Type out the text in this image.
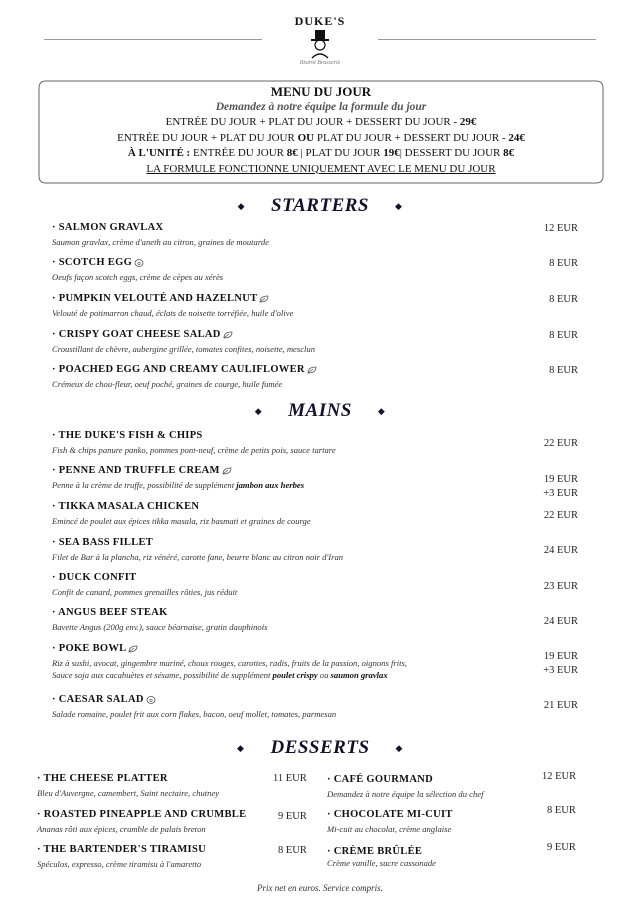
DUKE'S
Bistrot Brasserie
MENU DU JOUR
Demandez à notre équipe la formule du jour
ENTRÉE DU JOUR + PLAT DU JOUR + DESSERT DU JOUR - 29€
ENTRÉE DU JOUR + PLAT DU JOUR OU PLAT DU JOUR + DESSERT DU JOUR - 24€
À L'UNITÉ : ENTRÉE DU JOUR 8€ | PLAT DU JOUR 19€| DESSERT DU JOUR 8€
LA FORMULE FONCTIONNE UNIQUEMENT AVEC LE MENU DU JOUR
◆ STARTERS	◆
· SALMON GRAVLAX
Saumon gravlax, crème d'aneth au citron, graines de moutarde
12 EUR
· SCOTCH EGG
Oeufs façon scotch eggs, crème de cèpes au xérès
8 EUR
· PUMPKIN VELOUTÉ AND HAZELNUT
Velouté de potimarron chaud, éclats de noisette torréfiée, huile d'olive
8 EUR
· CRISPY GOAT CHEESE SALAD
Croustillant de chèvre, aubergine grillée, tomates confites, noisette, mesclun
8 EUR
· POACHED EGG AND CREAMY CAULIFLOWER
Crémeux de chou-fleur, oeuf poché, graines de courge, huile fumée
8 EUR
◆ MAINS	◆
· THE DUKE'S FISH & CHIPS
Fish & chips panure panko, pommes pont-neuf, crème de petits pois, sauce tartare
22 EUR
· PENNE AND TRUFFLE CREAM
Penne à la crème de truffe, possibilité de supplément jambon aux herbes	19 EUR
+3 EUR
· TIKKA MASALA CHICKEN
Emincé de poulet aux épices tikka masala, riz basmati et graines de courge	22 EUR
· SEA BASS FILLET
Filet de Bar à la plancha, riz vénéré, carotte fane, beurre blanc au citron noir d'Iran
24 EUR
· DUCK CONFIT
Confit de canard, pommes grenailles rôties, jus réduit	23 EUR
· ANGUS BEEF STEAK
Bavette Angus (200g env.), sauce béarnaise, gratin dauphinois	24 EUR
· POKE BOWL
Riz à sushi, avocat, gingembre mariné, choux rouges, carottes, radis, fruits de la passion, oignons frits,
Sauce soja aux cacahuètes et sésame, possibilité de supplément poulet crispy ou saumon gravlax
19 EUR
+3 EUR
· CAESAR SALAD
Salade romaine, poulet frit aux corn flakes, bacon, oeuf mollet, tomates, parmesan
21 EUR
◆ DESSERTS	◆
· THE CHEESE PLATTER
Bleu d'Auvergne, camembert, Saint nectaire, chutney
11 EUR
· ROASTED PINEAPPLE AND CRUMBLE
Ananas rôti aux épices, crumble de palais breton
9 EUR
· THE BARTENDER'S TIRAMISU
Spéculos, expresso, crème tiramisu à l'amaretto
8 EUR
· CAFÉ GOURMAND
Demandez à notre équipe la sélection du chef
12 EUR
· CHOCOLATE MI-CUIT
Mi-cuit au chocolat, crème anglaise
8 EUR
· CRÈME BRÛLÉE
Crème vanille, sucre cassonade
9 EUR
Prix net en euros. Service compris.
